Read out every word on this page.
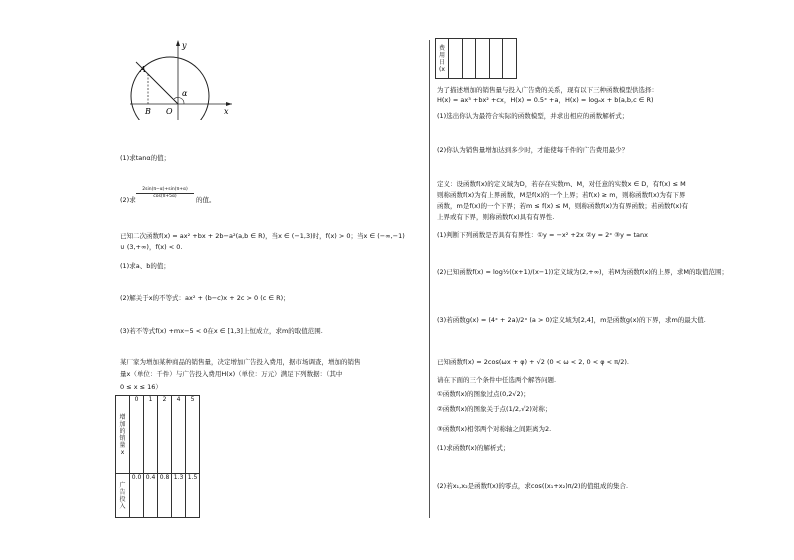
y
x
A
B O
α
(1)求tanα的值；
(2)求 $\frac{2\sin(\pi-\alpha)+\sin(\pi+\alpha)}{\cos(\pi+5\alpha)}$ 的值。
已知二次函数f(x) = ax² +bx + 2b−a²(a,b ∈ R)，当x ∈ (−1,3)时，f(x) > 0；当x ∈ (−∞,−1)
∪ (3,+∞)，f(x) < 0.
(1)求a、b的值；
(2)解关于x的不等式：ax² + (b−c)x + 2c > 0 (c ∈ R)；
(3)若不等式f(x) +mx−5 < 0在x ∈ [1,3]上恒成立，求m的取值范围.
某厂家为增加某种商品的销售量，决定增加广告投入费用，据市场调查，增加的销售
量x（单位：千件）与广告投入费用H(x)（单位：万元）满足下列数据：（其中
0 ≤ x ≤ 16）
增加的销量x	0	1	2	4	5

广告投入	0.0	0.4	0.8	1.3	1.5
费用日(x

为了描述增加的销售量与投入广告费的关系，现有以下三种函数模型供选择：
H(x) = ax³ +bx² +cx，H(x) = 0.5ˣ +a，H(x) = logₐx + b(a,b,c ∈ R)
(1)选出你认为最符合实际的函数模型，并求出相应的函数解析式；
(2)你认为销售量增加达到多少时，才能使每千件的广告费用最少？
定义：设函数f(x)的定义域为D，若存在实数m、M，对任意的实数x ∈ D，有f(x) ≤ M
则称函数f(x)为有上界函数，M是f(x)的一个上界；若f(x) ≥ m，则称函数f(x)为有下界
函数，m是f(x)的一个下界；若m ≤ f(x) ≤ M，则称函数f(x)为有界函数；若函数f(x)有
上界或有下界，则称函数f(x)具有有界性.
(1)判断下列函数是否具有有界性：①y = −x² +2x ②y = 2ˣ ③y = tanx
(2)已知函数f(x) = log½((x+1)/(x−1))定义域为(2,+∞)，若M为函数f(x)的上界，求M的取值范围；
(3)若函数g(x) = (4ˣ + 2a)/2ˣ (a > 0)定义域为[2,4]，m是函数g(x)的下界，求m的最大值.
已知函数f(x) = 2cos(ωx + φ) + √2 (0 < ω < 2, 0 < φ < π/2).
请在下面的三个条件中任选两个解答问题.
①函数f(x)的图象过点(0,2√2)；
②函数f(x)的图象关于点(1/2,√2)对称；
③函数f(x)相邻两个对称轴之间距离为2.
(1)求函数f(x)的解析式；
(2)若x₁,x₂是函数f(x)的零点，求cos((x₁+x₂)π/2)的值组成的集合.
